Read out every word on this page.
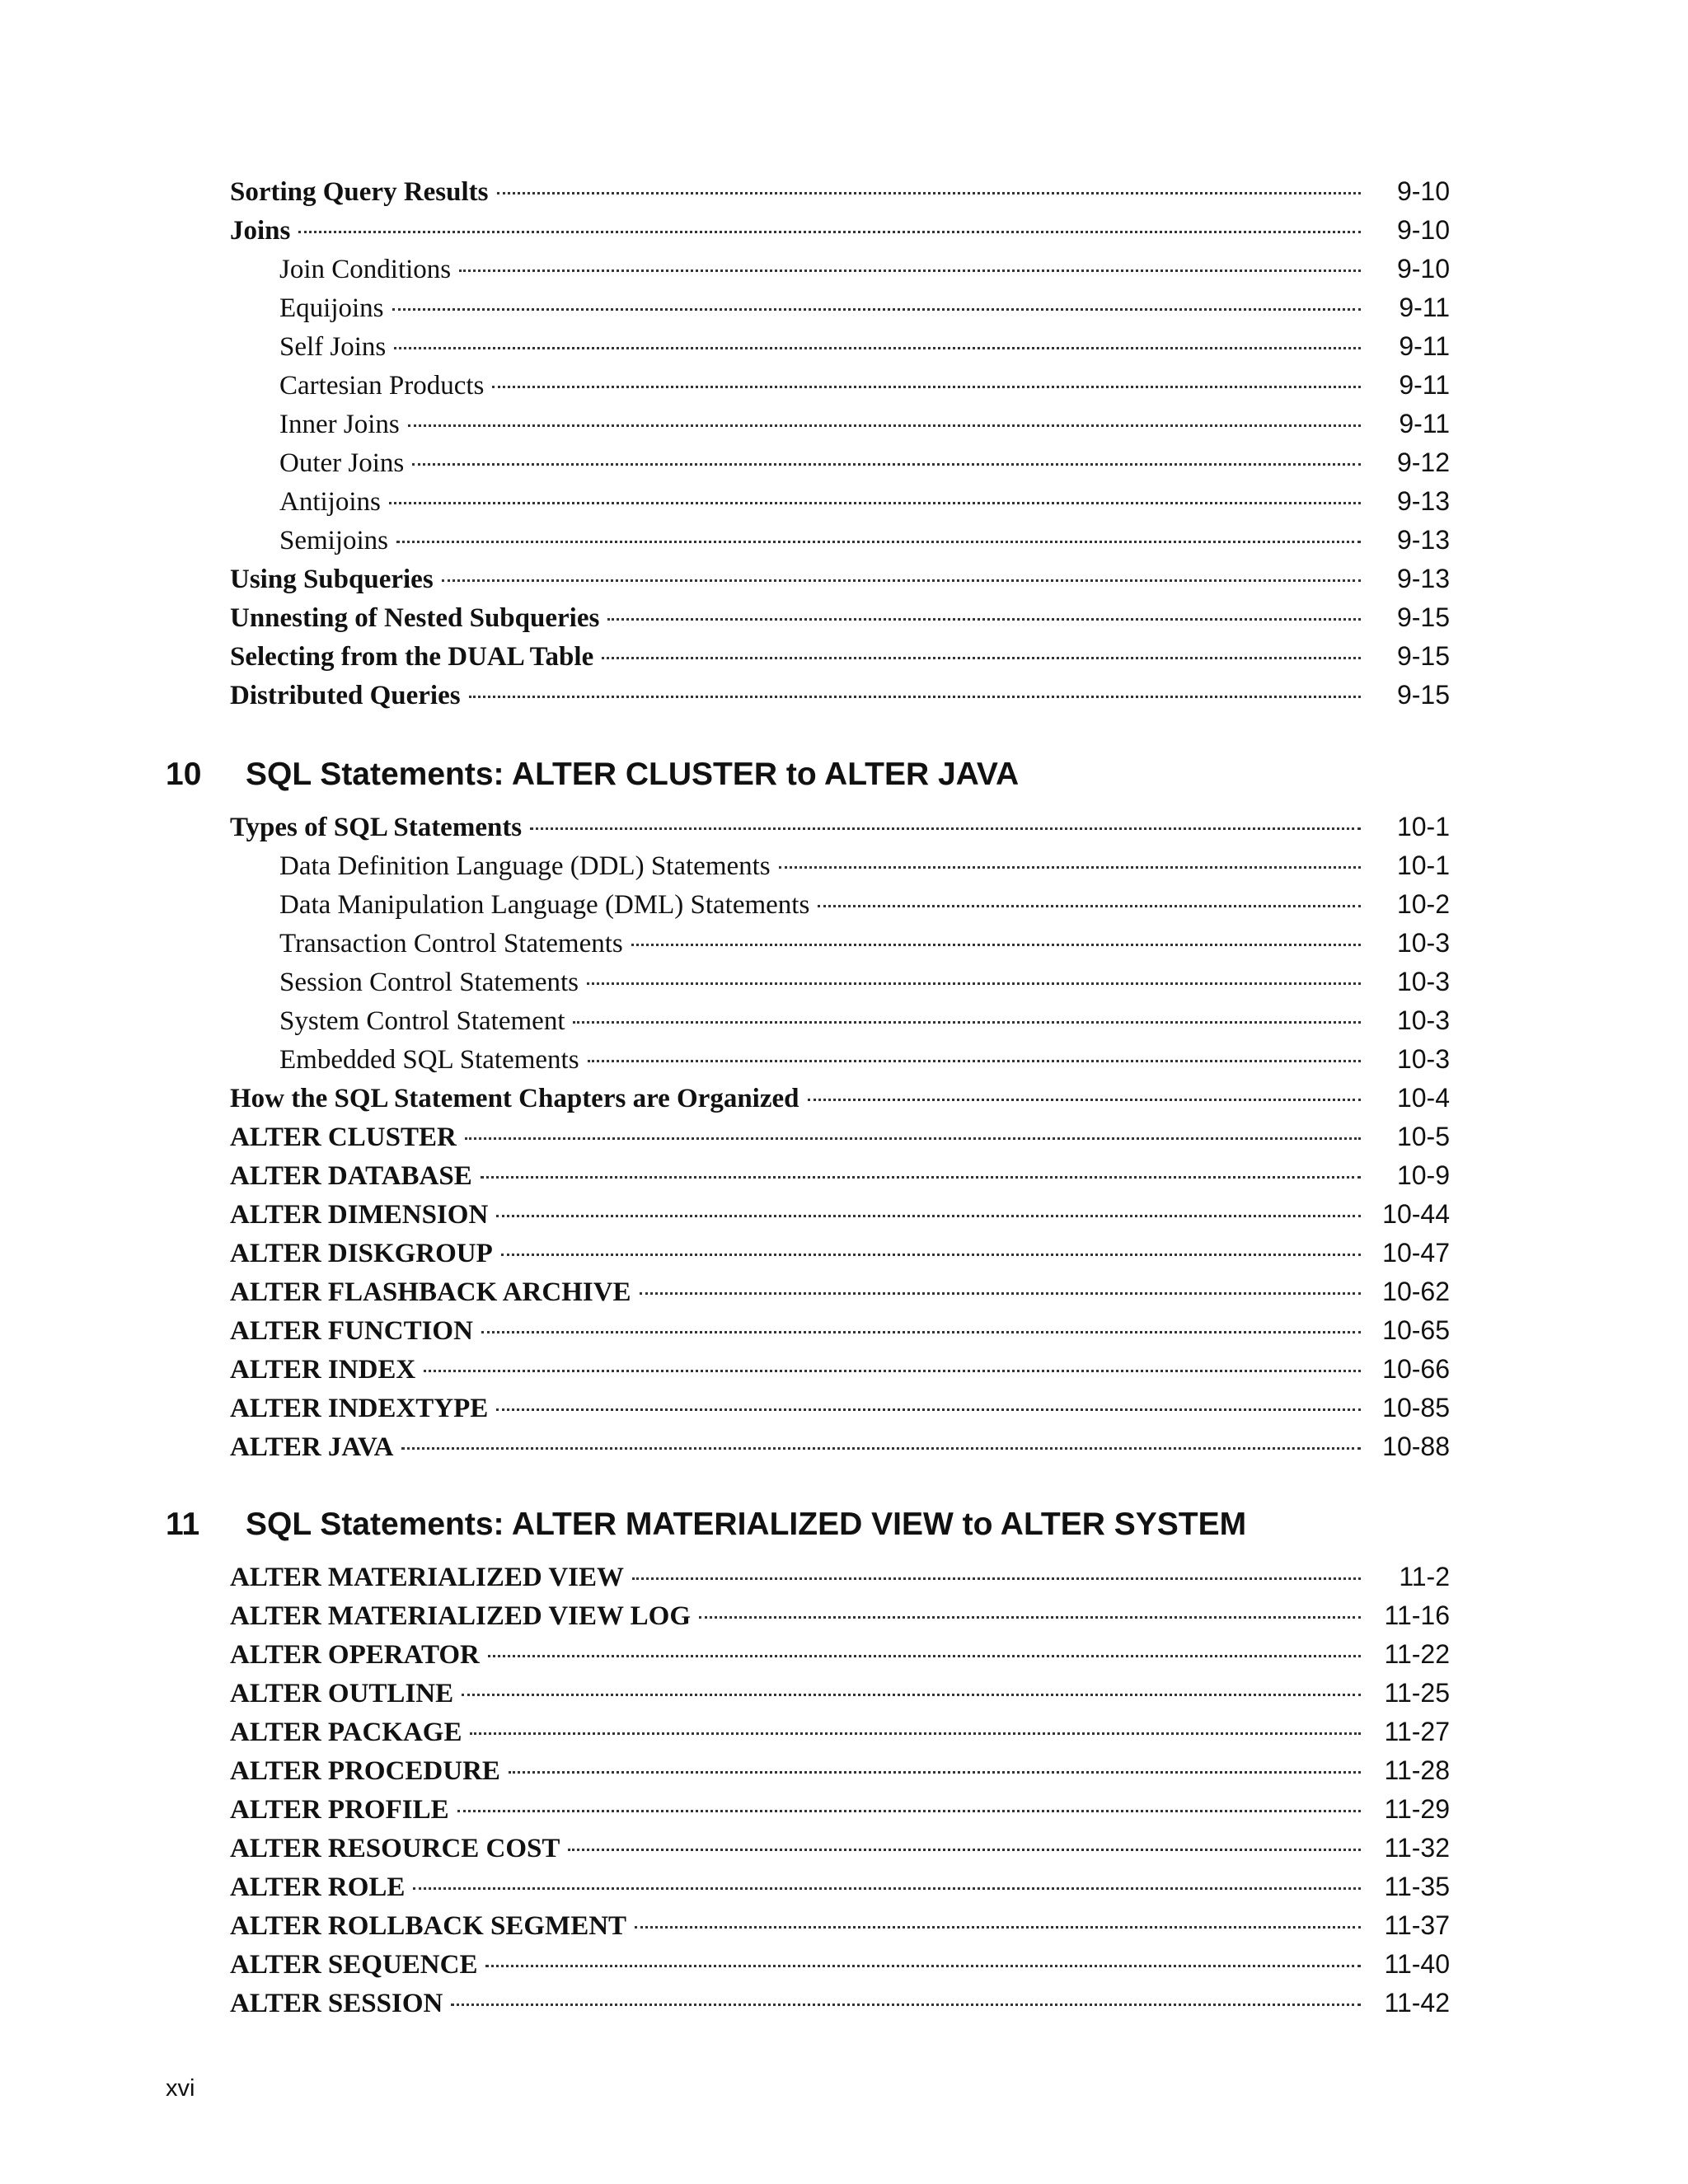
Sorting Query Results	9-10
Joins	9-10
Join Conditions	9-10
Equijoins	9-11
Self Joins	9-11
Cartesian Products	9-11
Inner Joins	9-11
Outer Joins	9-12
Antijoins	9-13
Semijoins	9-13
Using Subqueries	9-13
Unnesting of Nested Subqueries	9-15
Selecting from the DUAL Table	9-15
Distributed Queries	9-15
10	SQL Statements: ALTER CLUSTER to ALTER JAVA
Types of SQL Statements	10-1
Data Definition Language (DDL) Statements	10-1
Data Manipulation Language (DML) Statements	10-2
Transaction Control Statements	10-3
Session Control Statements	10-3
System Control Statement	10-3
Embedded SQL Statements	10-3
How the SQL Statement Chapters are Organized	10-4
ALTER CLUSTER	10-5
ALTER DATABASE	10-9
ALTER DIMENSION	10-44
ALTER DISKGROUP	10-47
ALTER FLASHBACK ARCHIVE	10-62
ALTER FUNCTION	10-65
ALTER INDEX	10-66
ALTER INDEXTYPE	10-85
ALTER JAVA	10-88
11	SQL Statements: ALTER MATERIALIZED VIEW to ALTER SYSTEM
ALTER MATERIALIZED VIEW	11-2
ALTER MATERIALIZED VIEW LOG	11-16
ALTER OPERATOR	11-22
ALTER OUTLINE	11-25
ALTER PACKAGE	11-27
ALTER PROCEDURE	11-28
ALTER PROFILE	11-29
ALTER RESOURCE COST	11-32
ALTER ROLE	11-35
ALTER ROLLBACK SEGMENT	11-37
ALTER SEQUENCE	11-40
ALTER SESSION	11-42
xvi
